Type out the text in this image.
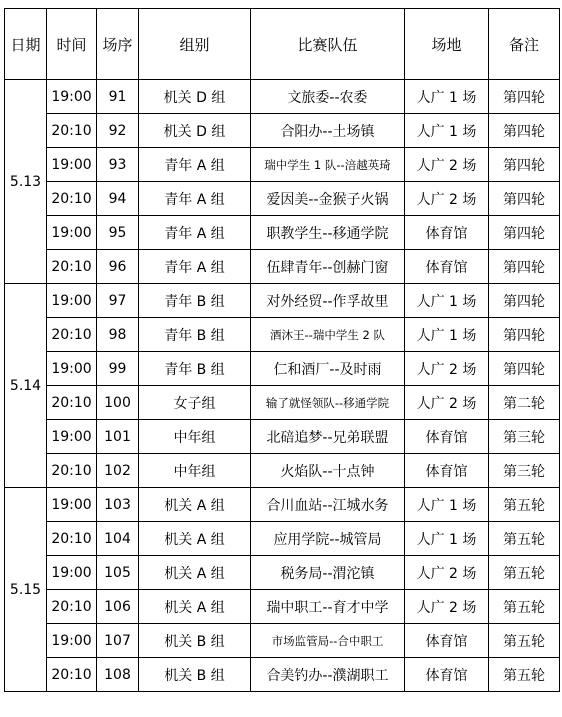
日期	时间	场序	组别	比赛队伍	场地	备注
5.13	19:00	91	机关 D 组	文旅委--农委	人广 1 场	第四轮
	20:10	92	机关 D 组	合阳办--土场镇	人广 1 场	第四轮
	19:00	93	青年 A 组	瑞中学生 1 队--涪越英琦	人广 2 场	第四轮
	20:10	94	青年 A 组	爱因美--金猴子火锅	人广 2 场	第四轮
	19:00	95	青年 A 组	职教学生--移通学院	体育馆	第四轮
	20:10	96	青年 A 组	伍肆青年--创赫门窗	体育馆	第四轮
5.14	19:00	97	青年 B 组	对外经贸--作孚故里	人广 1 场	第四轮
	20:10	98	青年 B 组	酒沐王--瑞中学生 2 队	人广 1 场	第四轮
	19:00	99	青年 B 组	仁和酒厂--及时雨	人广 2 场	第四轮
	20:10	100	女子组	输了就怪领队--移通学院	人广 2 场	第二轮
	19:00	101	中年组	北碚追梦--兄弟联盟	体育馆	第三轮
	20:10	102	中年组	火焰队--十点钟	体育馆	第三轮
5.15	19:00	103	机关 A 组	合川血站--江城水务	人广 1 场	第五轮
	20:10	104	机关 A 组	应用学院--城管局	人广 1 场	第五轮
	19:00	105	机关 A 组	税务局--渭沱镇	人广 2 场	第五轮
	20:10	106	机关 A 组	瑞中职工--育才中学	人广 2 场	第五轮
	19:00	107	机关 B 组	市场监管局--合中职工	体育馆	第五轮
	20:10	108	机关 B 组	合美钓办--濮湖职工	体育馆	第五轮
